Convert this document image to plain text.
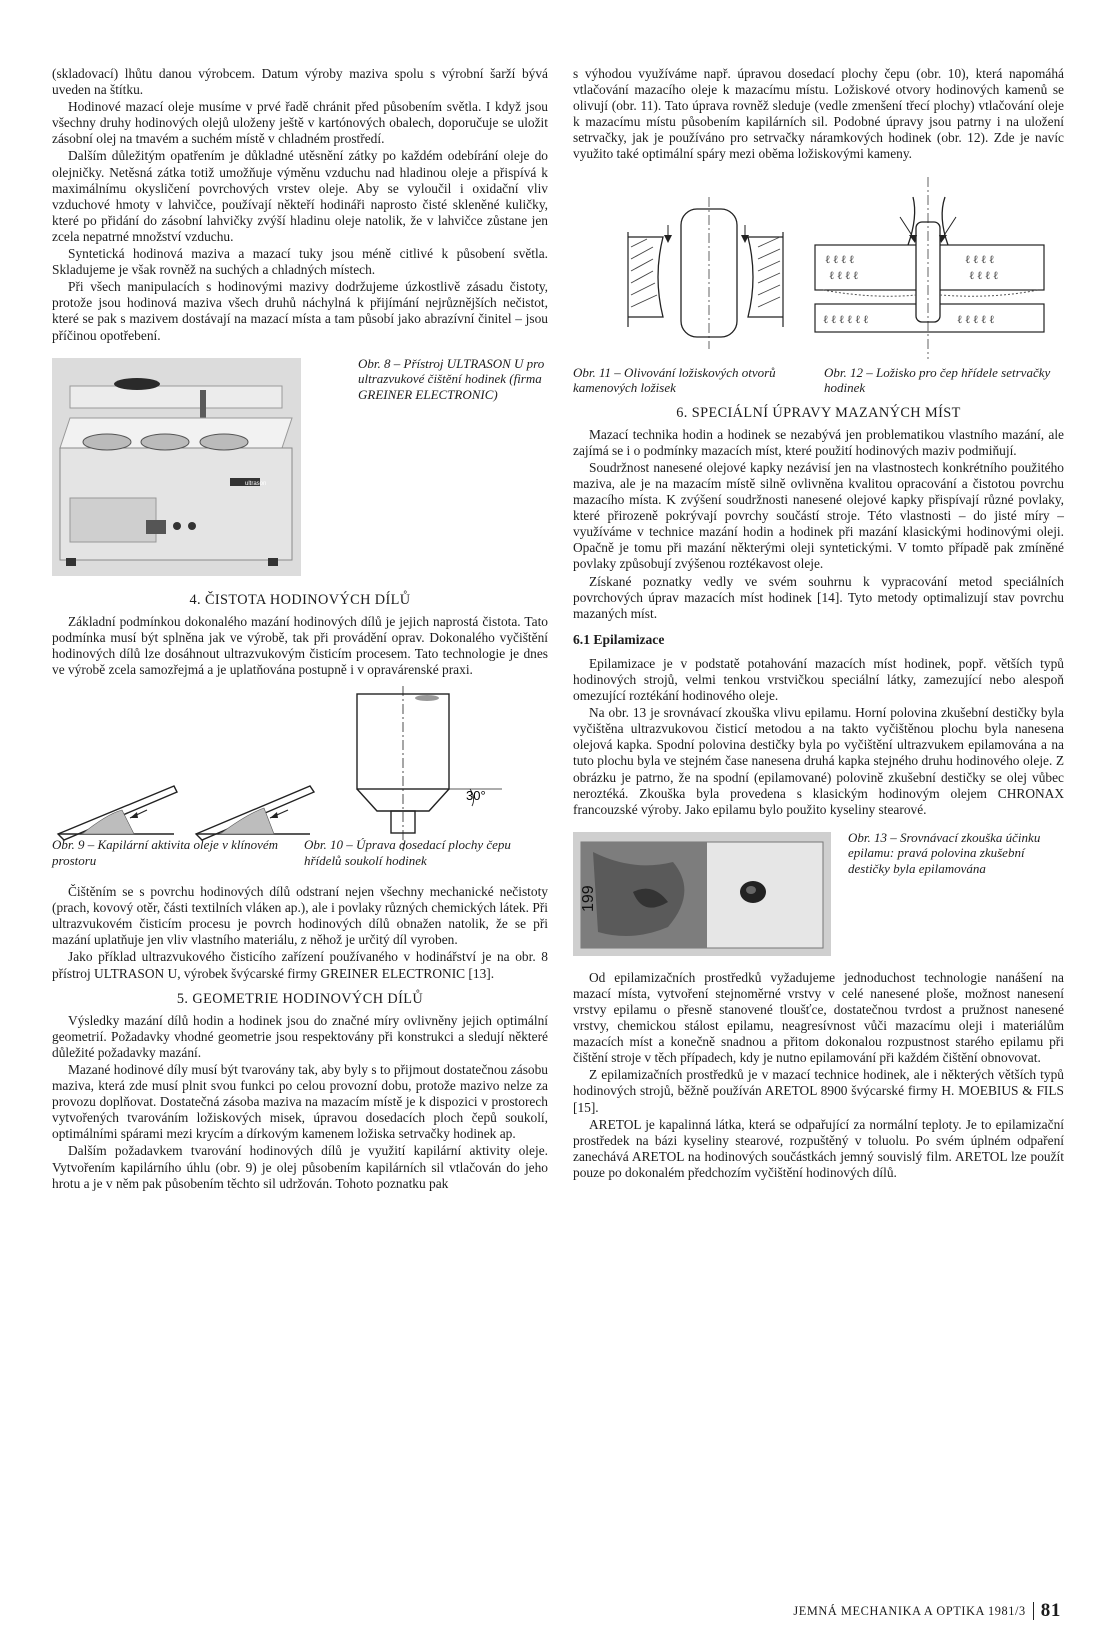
(skladovací) lhůtu danou výrobcem. Datum výroby maziva spolu s výrobní šarží bývá uveden na štítku.

Hodinové mazací oleje musíme v prvé řadě chránit před působením světla. I když jsou všechny druhy hodinových olejů uloženy ještě v kartónových obalech, doporučuje se uložit zásobní olej na tmavém a suchém místě v chladném prostředí.

Dalším důležitým opatřením je důkladné utěsnění zátky po každém odebírání oleje do olejničky. Netěsná zátka totiž umožňuje výměnu vzduchu nad hladinou oleje a přispívá k maximálnímu okysličení povrchových vrstev oleje. Aby se vyloučil i oxidační vliv vzduchové hmoty v lahvičce, používají někteří hodináři naprosto čisté skleněné kuličky, které po přidání do zásobní lahvičky zvýší hladinu oleje natolik, že v lahvičce zůstane jen zcela nepatrné množství vzduchu.

Syntetická hodinová maziva a mazací tuky jsou méně citlivé k působení světla. Skladujeme je však rovněž na suchých a chladných místech.

Při všech manipulacích s hodinovými mazivy dodržujeme úzkostlivě zásadu čistoty, protože jsou hodinová maziva všech druhů náchylná k přijímání nejrůznějších nečistot, které se pak s mazivem dostávají na mazací místa a tam působí jako abrazívní činitel – jsou příčinou opotřebení.

ultrason
Obr. 8 – Přístroj ULTRASON U pro ultrazvukové čištění hodinek (firma GREINER ELECTRONIC)
4. ČISTOTA HODINOVÝCH DÍLŮ

Základní podmínkou dokonalého mazání hodinových dílů je jejich naprostá čistota. Tato podmínka musí být splněna jak ve výrobě, tak při provádění oprav. Dokonalého vyčištění hodinových dílů lze dosáhnout ultrazvukovým čisticím procesem. Tato technologie je dnes ve výrobě zcela samozřejmá a je uplatňována postupně i v opravárenské praxi.

30°
Obr. 9 – Kapilární aktivita oleje v klínovém prostoru
Obr. 10 – Úprava dosedací plochy čepu hřídelů soukolí hodinek

Čištěním se s povrchu hodinových dílů odstraní nejen všechny mechanické nečistoty (prach, kovový otěr, části textilních vláken ap.), ale i povlaky různých chemických látek. Při ultrazvukovém čisticím procesu je povrch hodinových dílů obnažen natolik, že se při mazání uplatňuje jen vliv vlastního materiálu, z něhož je určitý díl vyroben.

Jako příklad ultrazvukového čisticího zařízení používaného v hodinářství je na obr. 8 přístroj ULTRASON U, výrobek švýcarské firmy GREINER ELECTRONIC [13].

5. GEOMETRIE HODINOVÝCH DÍLŮ

Výsledky mazání dílů hodin a hodinek jsou do značné míry ovlivněny jejich optimální geometrií. Požadavky vhodné geometrie jsou respektovány při konstrukci a sledují některé důležité požadavky mazání.

Mazané hodinové díly musí být tvarovány tak, aby byly s to přijmout dostatečnou zásobu maziva, která zde musí plnit svou funkci po celou provozní dobu, protože mazivo nelze za provozu doplňovat. Dostatečná zásoba maziva na mazacím místě je k dispozici v prostorech vytvořených tvarováním ložiskových misek, úpravou dosedacích ploch čepů soukolí, optimálními spárami mezi krycím a dírkovým kamenem ložiska setrvačky hodinek ap.

Dalším požadavkem tvarování hodinových dílů je využití kapilární aktivity oleje. Vytvořením kapilárního úhlu (obr. 9) je olej působením kapilárních sil vtlačován do jeho hrotu a je v něm pak působením těchto sil udržován. Tohoto poznatku pak

s výhodou využíváme např. úpravou dosedací plochy čepu (obr. 10), která napomáhá vtlačování mazacího oleje k mazacímu místu. Ložiskové otvory hodinových kamenů se olivují (obr. 11). Tato úprava rovněž sleduje (vedle zmenšení třecí plochy) vtlačování oleje k mazacímu místu působením kapilárních sil. Podobné úpravy jsou patrny i na uložení setrvačky, jak je používáno pro setrvačky náramkových hodinek (obr. 12). Zde je navíc využito také optimální spáry mezi oběma ložiskovými kameny.

ℓ ℓ ℓ ℓ
ℓ ℓ ℓ ℓ
ℓ ℓ ℓ ℓ
ℓ ℓ ℓ ℓ
ℓ ℓ ℓ ℓ ℓ ℓ	ℓ ℓ ℓ ℓ ℓ
Obr. 11 – Olivování ložiskových otvorů kamenových ložisek
Obr. 12 – Ložisko pro čep hřídele setrvačky hodinek
6. SPECIÁLNÍ ÚPRAVY MAZANÝCH MÍST

Mazací technika hodin a hodinek se nezabývá jen problematikou vlastního mazání, ale zajímá se i o podmínky mazacích míst, které použití hodinových maziv podmiňují.

Soudržnost nanesené olejové kapky nezávisí jen na vlastnostech konkrétního použitého maziva, ale je na mazacím místě silně ovlivněna kvalitou opracování a čistotou povrchu mazacího místa. K zvýšení soudržnosti nanesené olejové kapky přispívají různé povlaky, které přirozeně pokrývají povrchy součástí stroje. Této vlastnosti – do jisté míry – využíváme v technice mazání hodin a hodinek při mazání klasickými hodinovými oleji. Opačně je tomu při mazání některými oleji syntetickými. V tomto případě pak zmíněné povlaky způsobují zvýšenou roztékavost oleje.

Získané poznatky vedly ve svém souhrnu k vypracování metod speciálních povrchových úprav mazacích míst hodinek [14]. Tyto metody optimalizují stav povrchu mazaných míst.

6.1 Epilamizace

Epilamizace je v podstatě potahování mazacích míst hodinek, popř. větších typů hodinových strojů, velmi tenkou vrstvičkou speciální látky, zamezující nebo alespoň omezující roztékání hodinového oleje.

Na obr. 13 je srovnávací zkouška vlivu epilamu. Horní polovina zkušební destičky byla vyčištěna ultrazvukovou čisticí metodou a na takto vyčištěnou plochu byla nanesena olejová kapka. Spodní polovina destičky byla po vyčištění ultrazvukem epilamována a na tuto plochu byla ve stejném čase nanesena druhá kapka stejného druhu hodinového oleje. Z obrázku je patrno, že na spodní (epilamované) polovině zkušební destičky se olej vůbec neroztéká. Zkouška byla provedena s klasickým hodinovým olejem CHRONAX francouzské výroby. Jako epilamu bylo použito kyseliny stearové.

199
Obr. 13 – Srovnávací zkouška účinku epilamu: pravá polovina zkušební destičky byla epilamována

Od epilamizačních prostředků vyžadujeme jednoduchost technologie nanášení na mazací místa, vytvoření stejnoměrné vrstvy v celé nanesené ploše, možnost nanesení vrstvy epilamu o přesně stanovené tloušťce, dostatečnou tvrdost a pružnost nanesené vrstvy, chemickou stálost epilamu, neagresívnost vůči mazacímu oleji i materiálům mazacích míst a konečně snadnou a přitom dokonalou rozpustnost starého epilamu při čištění stroje v těch případech, kdy je nutno epilamování při každém čištění obnovovat.

Z epilamizačních prostředků je v mazací technice hodinek, ale i některých větších typů hodinových strojů, běžně používán ARETOL 8900 švýcarské firmy H. MOEBIUS & FILS [15].

ARETOL je kapalinná látka, která se odpařující za normální teploty. Je to epilamizační prostředek na bázi kyseliny stearové, rozpuštěný v toluolu. Po svém úplném odpaření zanechává ARETOL na hodinových součástkách jemný souvislý film. ARETOL lze použít pouze po dokonalém předchozím vyčištění hodinových dílů.

JEMNÁ MECHANIKA A OPTIKA 1981/3 81
